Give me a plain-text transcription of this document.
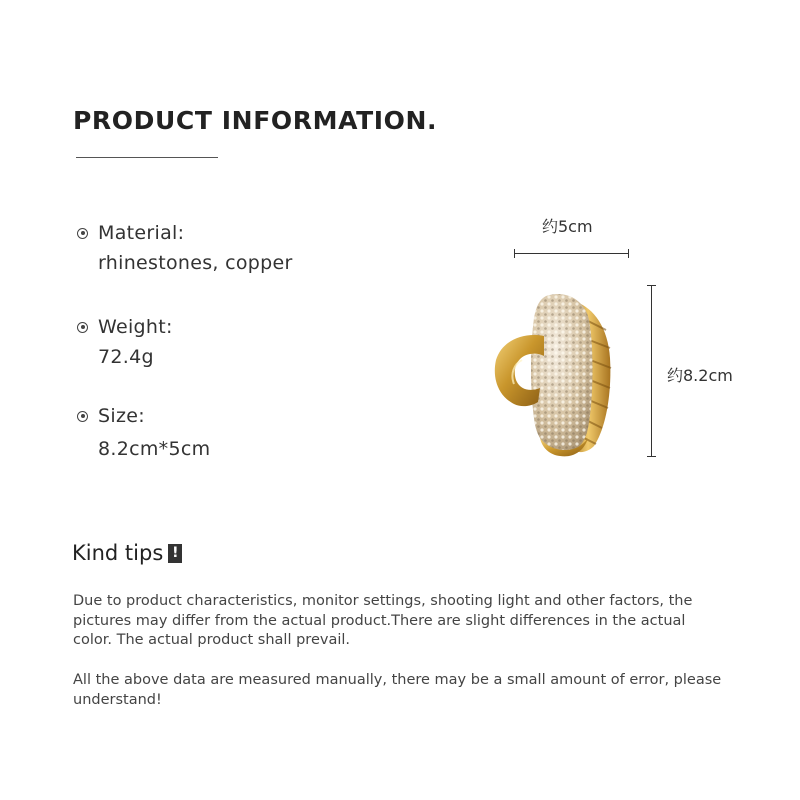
PRODUCT INFORMATION.
Material:
rhinestones, copper
Weight:
72.4g
Size:
8.2cm*5cm
约5cm
约8.2cm
Kind tips !
Due to product characteristics, monitor settings, shooting light and other factors, the pictures may differ from the actual product.There are slight differences in the actual color. The actual product shall prevail.
All the above data are measured manually, there may be a small amount of error, please understand!
